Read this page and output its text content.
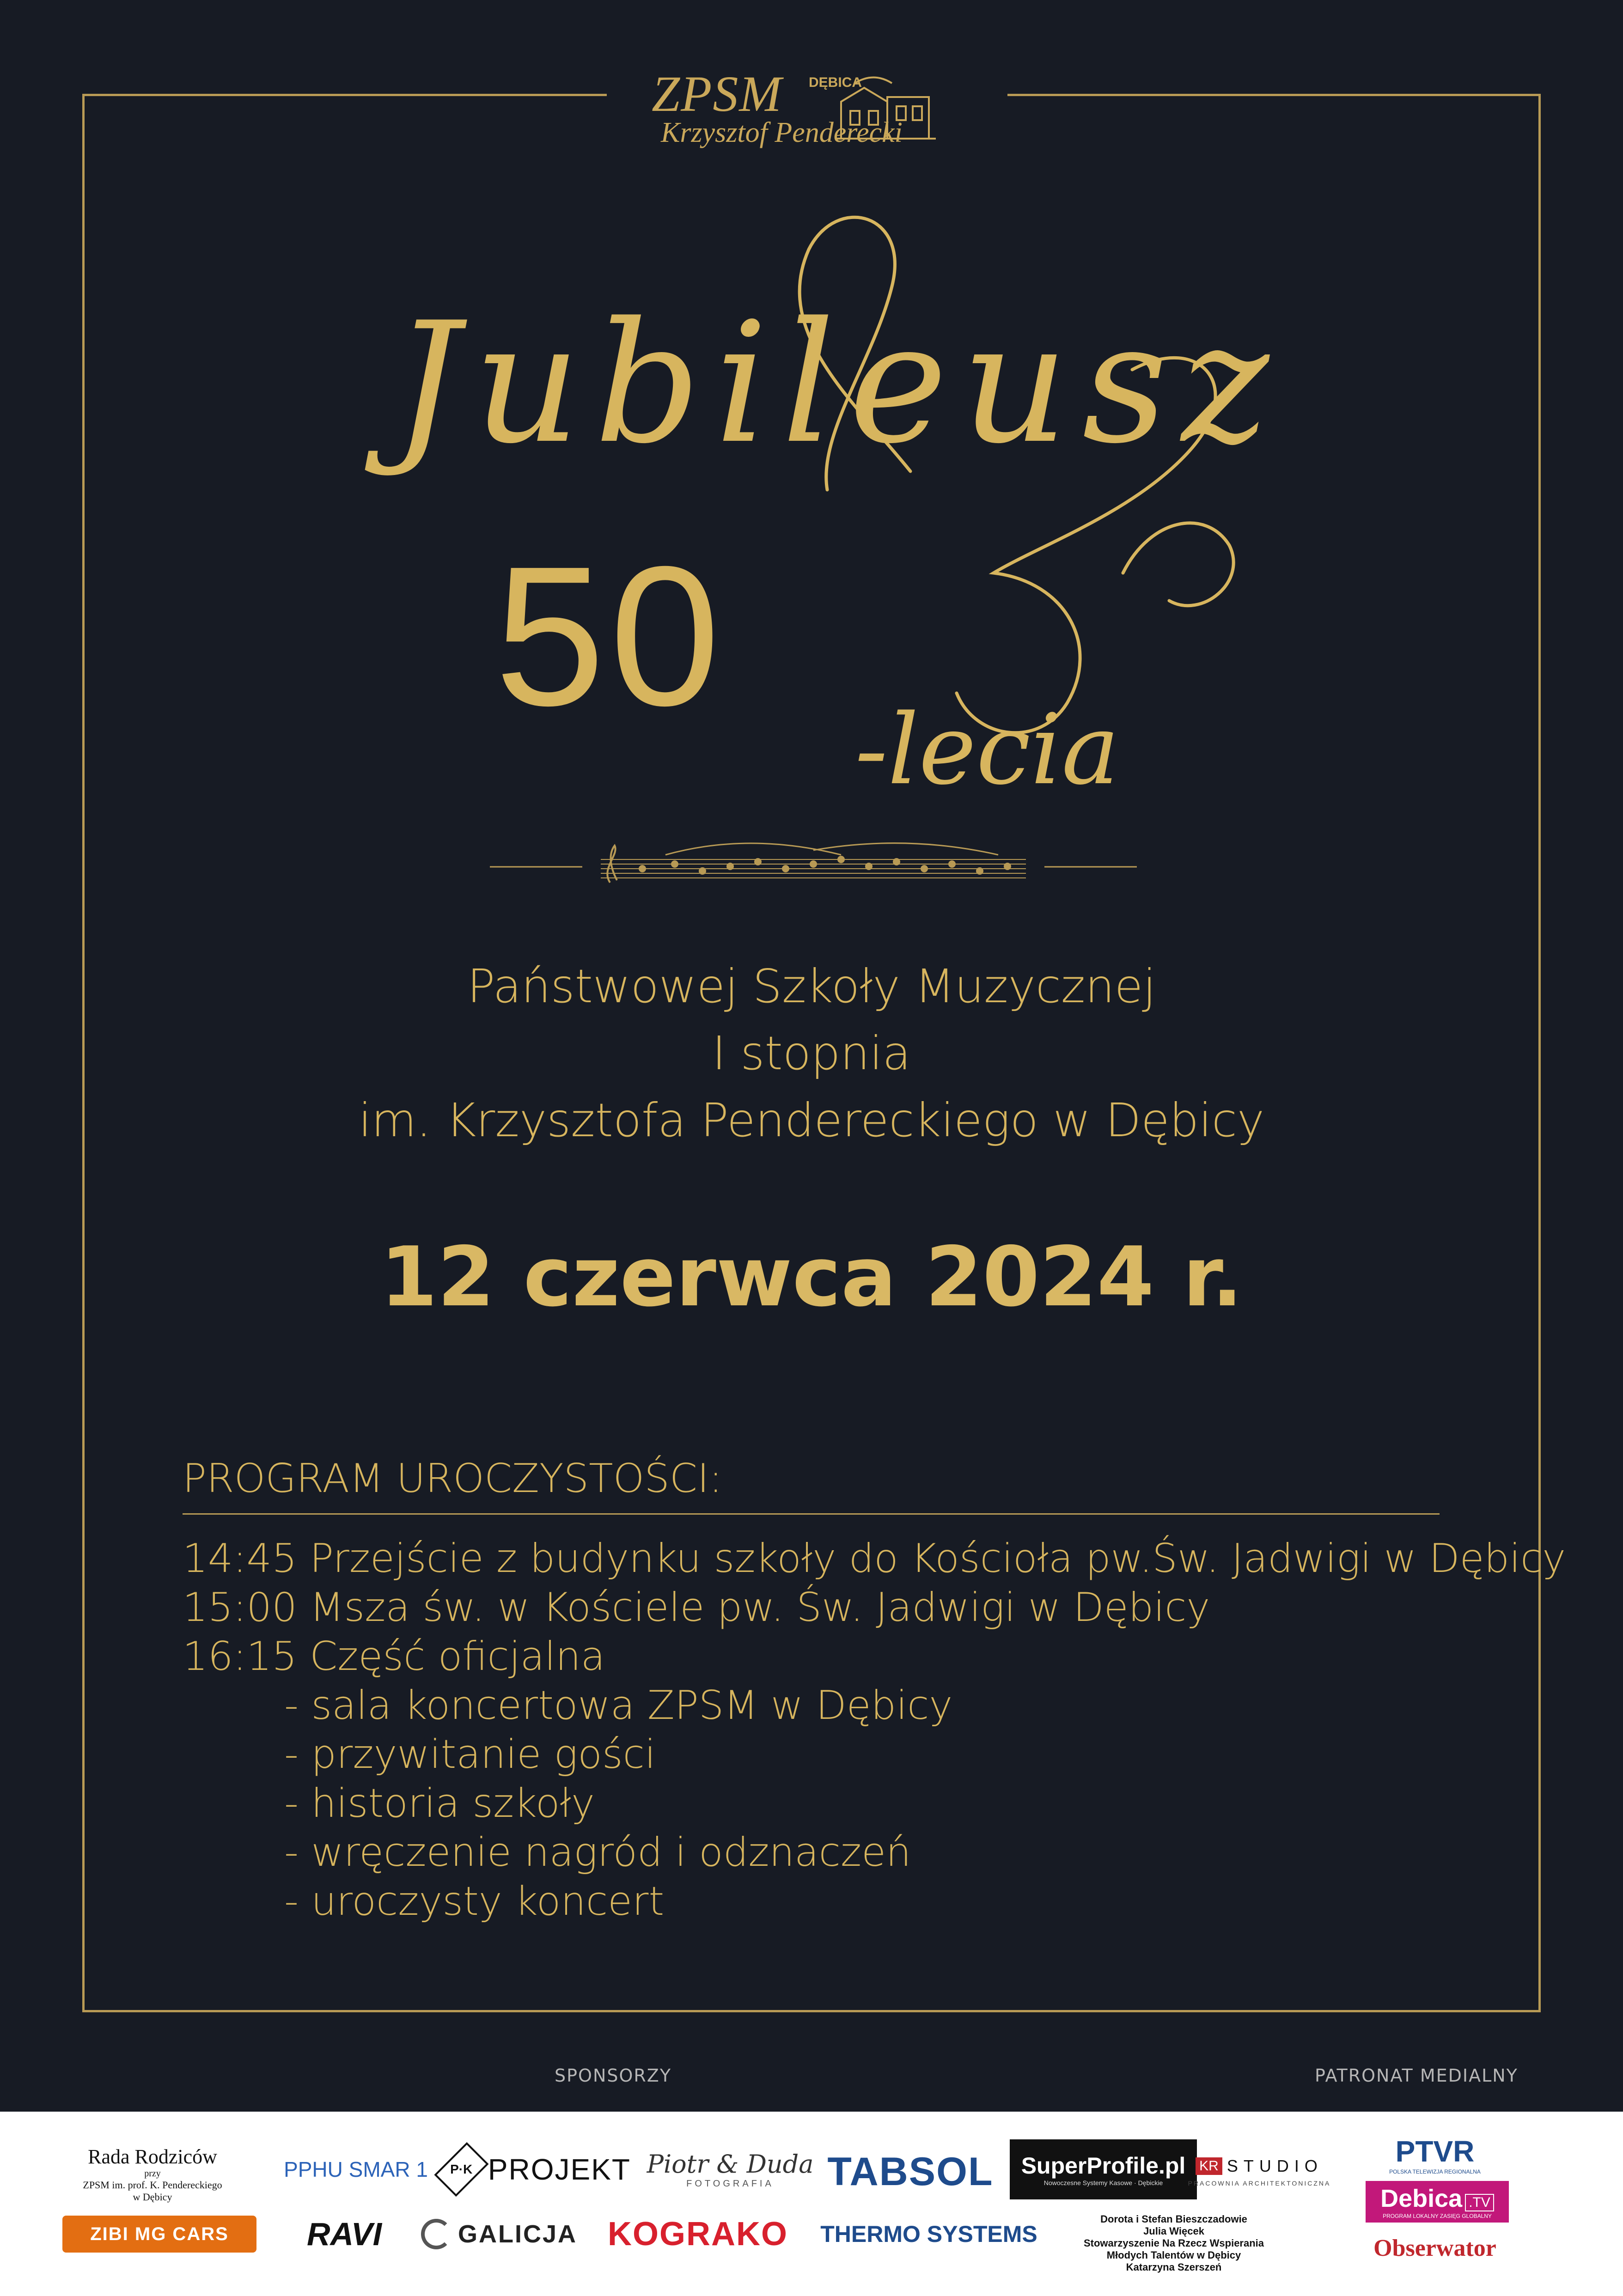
ZPSM DĘBICA
Krzysztof Penderecki
Jubileusz
50
-lecia
Państwowej Szkoły Muzycznej
I stopnia
im. Krzysztofa Pendereckiego w Dębicy
12 czerwca 2024 r.
PROGRAM UROCZYSTOŚCI:
14:45 Przejście z budynku szkoły do Kościoła pw.Św. Jadwigi w Dębicy
15:00 Msza św. w Kościele pw. Św. Jadwigi w Dębicy
16:15 Część oficjalna
- sala koncertowa ZPSM w Dębicy
- przywitanie gości
- historia szkoły
- wręczenie nagród i odznaczeń
- uroczysty koncert
SPONSORZY	PATRONAT MEDIALNY
Rada Rodziców
przy
ZPSM im. prof. K. Pendereckiego
w Dębicy
PPHU SMAR 1 P·K PROJEKT Piotr & Duda
FOTOGRAFIA TABSOL SuperProfile.pl
Nowoczesne Systemy Kasowe · Dębickie
KR STUDIO
PRACOWNIA ARCHITEKTONICZNA
PTVR
POLSKA TELEWIZJA REGIONALNA
Debica .TV
PROGRAM LOKALNY ZASIĘG GLOBALNY
ZIBI MG CARS RAVI	GALICJA KOGRAKO THERMO SYSTEMS
Dorota i Stefan Bieszczadowie
Julia Więcek
Stowarzyszenie Na Rzecz Wspierania
Młodych Talentów w Dębicy
Katarzyna Szerszeń
Obserwator
